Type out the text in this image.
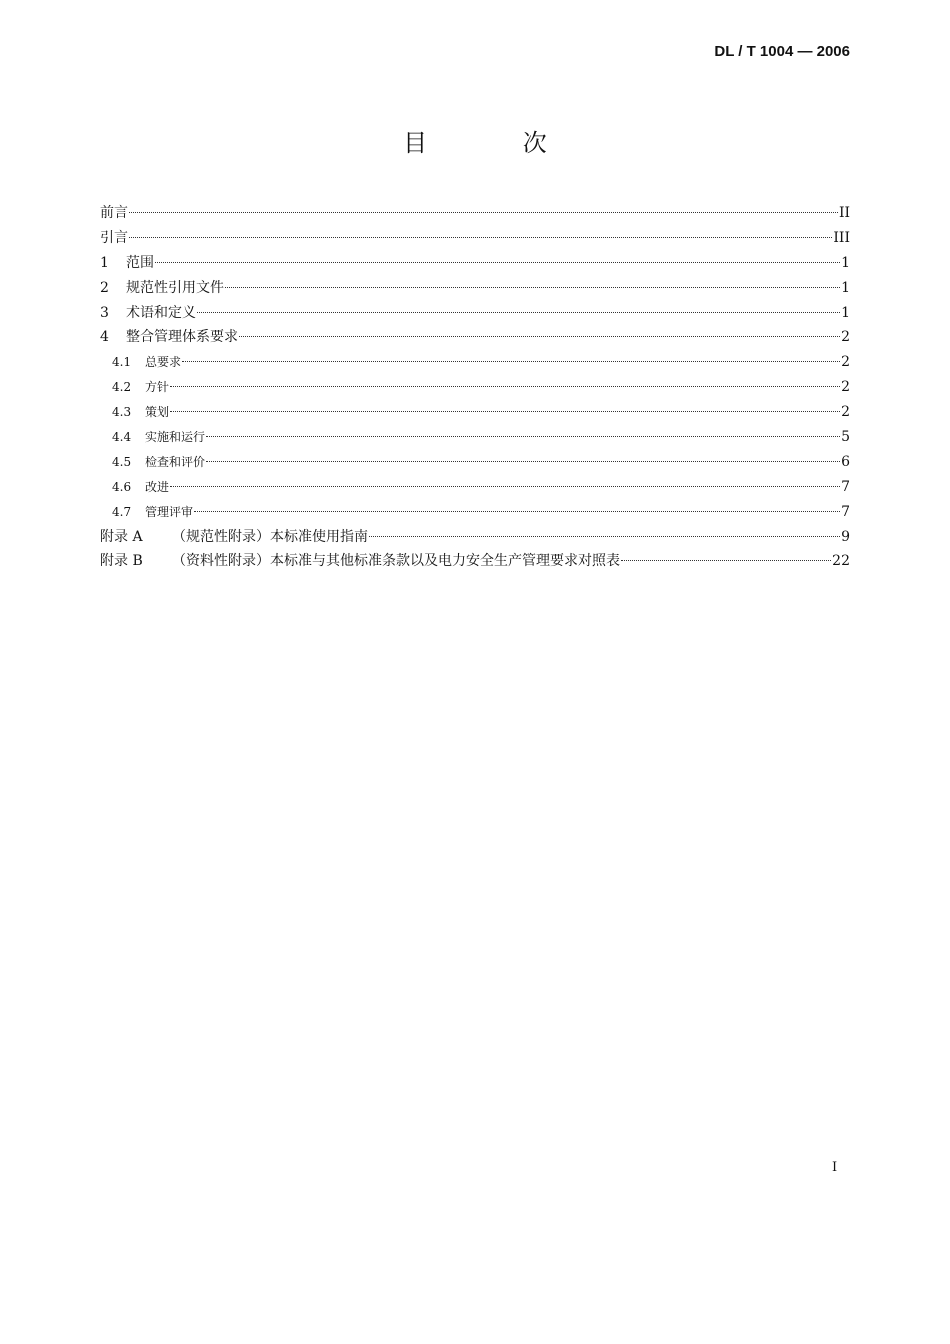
DL / T 1004 — 2006
目 次
前言	II
引言	III
1	范围	1
2	规范性引用文件	1
3	术语和定义	1
4	整合管理体系要求	2
4.1	总要求	2
4.2	方针	2
4.3	策划	2
4.4	实施和运行	5
4.5	检查和评价	6
4.6	改进	7
4.7	管理评审	7
附录 A	（规范性附录）本标准使用指南	9
附录 B	（资料性附录）本标准与其他标准条款以及电力安全生产管理要求对照表	22
I
